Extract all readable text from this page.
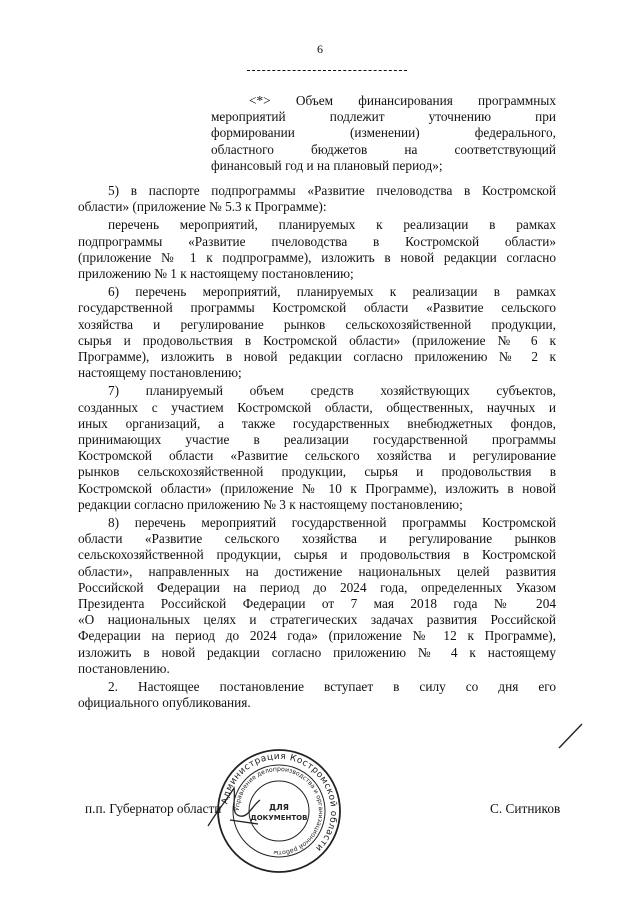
6
<*> Объем финансирования программных
мероприятий подлежит уточнению при
формировании (изменении) федерального,
областного бюджетов на соответствующий
финансовый год и на плановый период»;
5) в паспорте подпрограммы «Развитие пчеловодства в Костромской
области» (приложение № 5.3 к Программе):
перечень мероприятий, планируемых к реализации в рамках
подпрограммы «Развитие пчеловодства в Костромской области»
(приложение № 1 к подпрограмме), изложить в новой редакции согласно
приложению № 1 к настоящему постановлению;
6) перечень мероприятий, планируемых к реализации в рамках
государственной программы Костромской области «Развитие сельского
хозяйства и регулирование рынков сельскохозяйственной продукции,
сырья и продовольствия в Костромской области» (приложение № 6 к
Программе), изложить в новой редакции согласно приложению № 2 к
настоящему постановлению;
7) планируемый объем средств хозяйствующих субъектов,
созданных с участием Костромской области, общественных, научных и
иных организаций, а также государственных внебюджетных фондов,
принимающих участие в реализации государственной программы
Костромской области «Развитие сельского хозяйства и регулирование
рынков сельскохозяйственной продукции, сырья и продовольствия в
Костромской области» (приложение № 10 к Программе), изложить в новой
редакции согласно приложению № 3 к настоящему постановлению;
8) перечень мероприятий государственной программы Костромской
области «Развитие сельского хозяйства и регулирование рынков
сельскохозяйственной продукции, сырья и продовольствия в Костромской
области», направленных на достижение национальных целей развития
Российской Федерации на период до 2024 года, определенных Указом
Президента Российской Федерации от 7 мая 2018 года № 204
«О национальных целях и стратегических задачах развития Российской
Федерации на период до 2024 года» (приложение № 12 к Программе),
изложить в новой редакции согласно приложению № 4 к настоящему
постановлению.
2. Настоящее постановление вступает в силу со дня его
официального опубликования.
Администрация Костромской области
Управление делопроизводства и организационной работы
ДЛЯ
ДОКУМЕНТОВ
п.п. Губернатор области	С. Ситников
